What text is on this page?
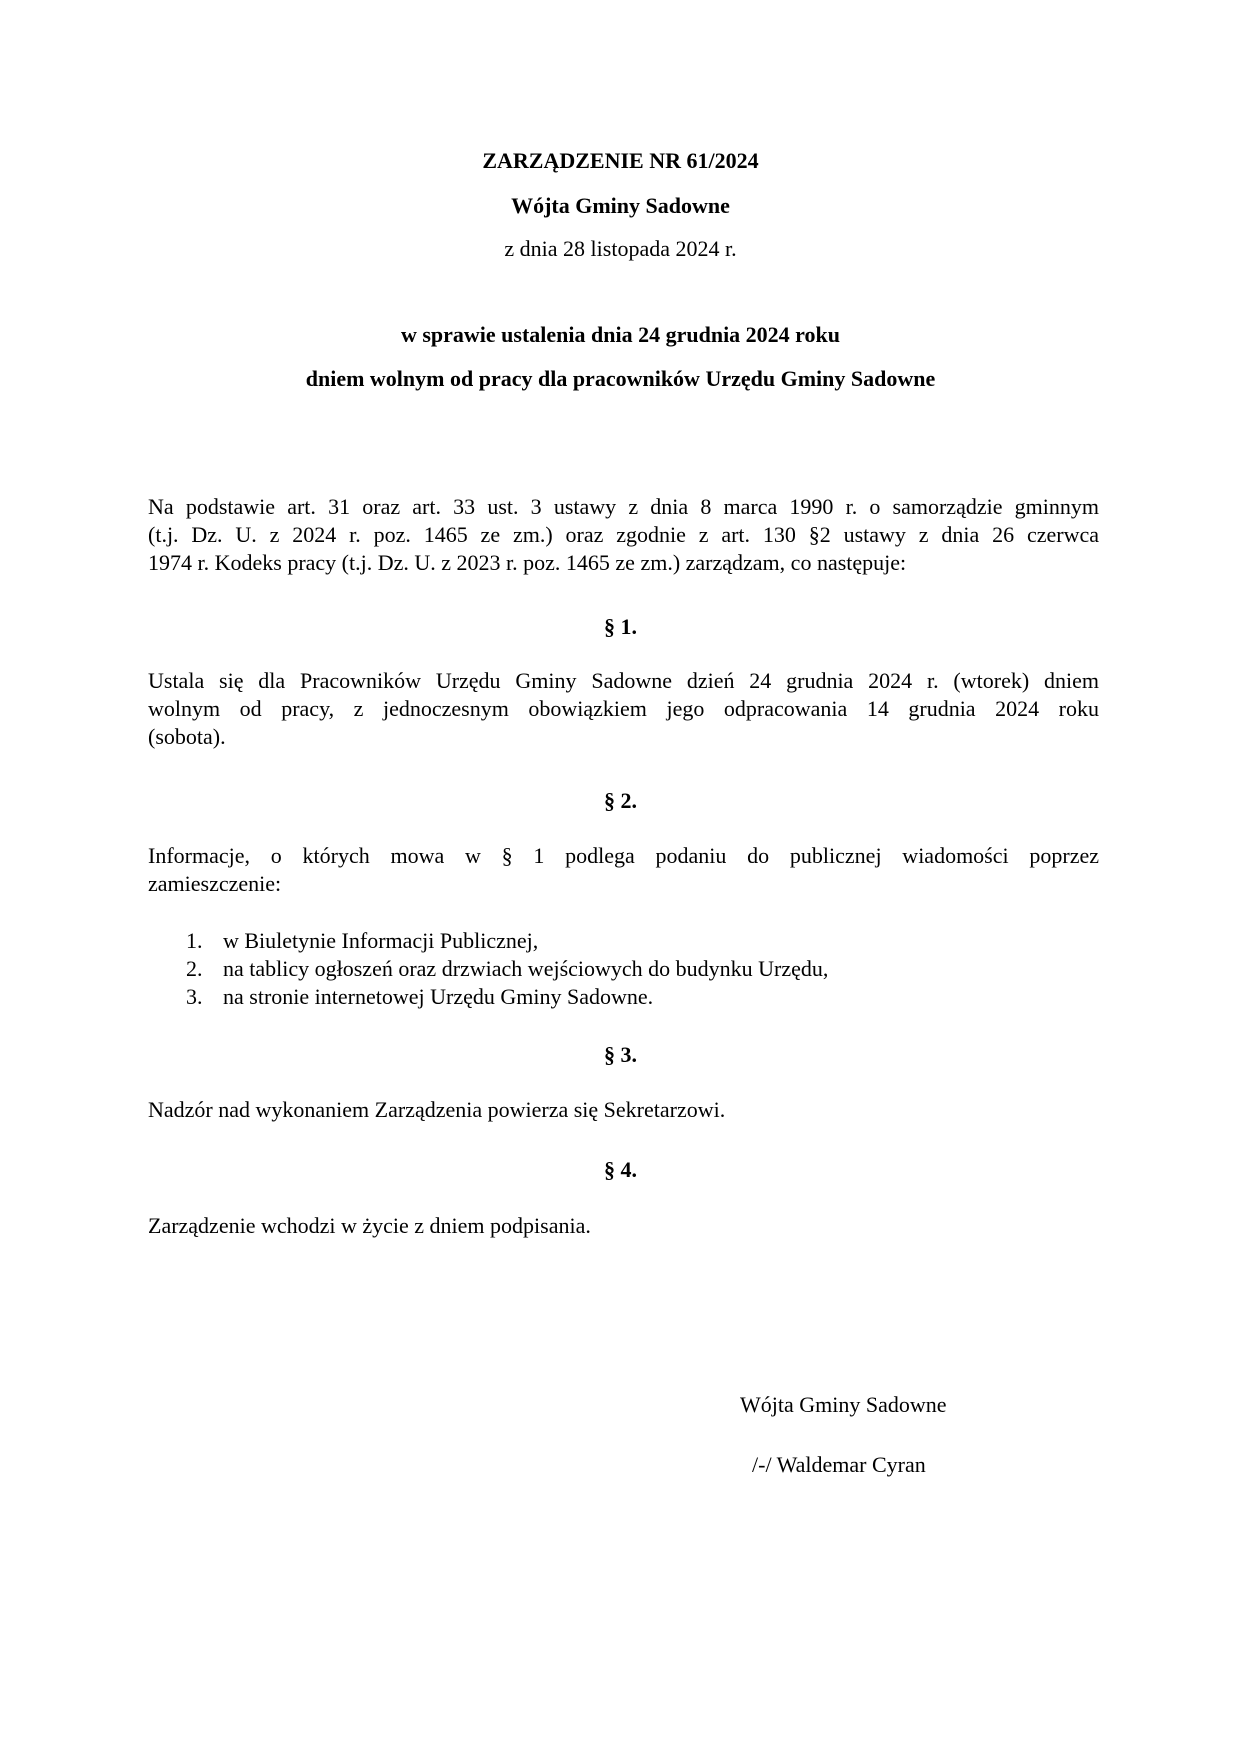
ZARZĄDZENIE NR 61/2024
Wójta Gminy Sadowne
z dnia 28 listopada 2024 r.
w sprawie ustalenia dnia 24 grudnia 2024 roku
dniem wolnym od pracy dla pracowników Urzędu Gminy Sadowne
Na podstawie art. 31 oraz art. 33 ust. 3 ustawy z dnia 8 marca 1990 r. o samorządzie gminnym
(t.j. Dz. U. z 2024 r. poz. 1465 ze zm.) oraz zgodnie z art. 130 §2 ustawy z dnia 26 czerwca
1974 r. Kodeks pracy (t.j. Dz. U. z 2023 r. poz. 1465 ze zm.) zarządzam, co następuje:
§ 1.
Ustala się dla Pracowników Urzędu Gminy Sadowne dzień 24 grudnia 2024 r. (wtorek) dniem
wolnym od pracy, z jednoczesnym obowiązkiem jego odpracowania 14 grudnia 2024 roku
(sobota).
§ 2.
Informacje, o których mowa w § 1 podlega podaniu do publicznej wiadomości poprzez
zamieszczenie:
1. w Biuletynie Informacji Publicznej,
2. na tablicy ogłoszeń oraz drzwiach wejściowych do budynku Urzędu,
3. na stronie internetowej Urzędu Gminy Sadowne.
§ 3.
Nadzór nad wykonaniem Zarządzenia powierza się Sekretarzowi.
§ 4.
Zarządzenie wchodzi w życie z dniem podpisania.
Wójta Gminy Sadowne
/-/ Waldemar Cyran
